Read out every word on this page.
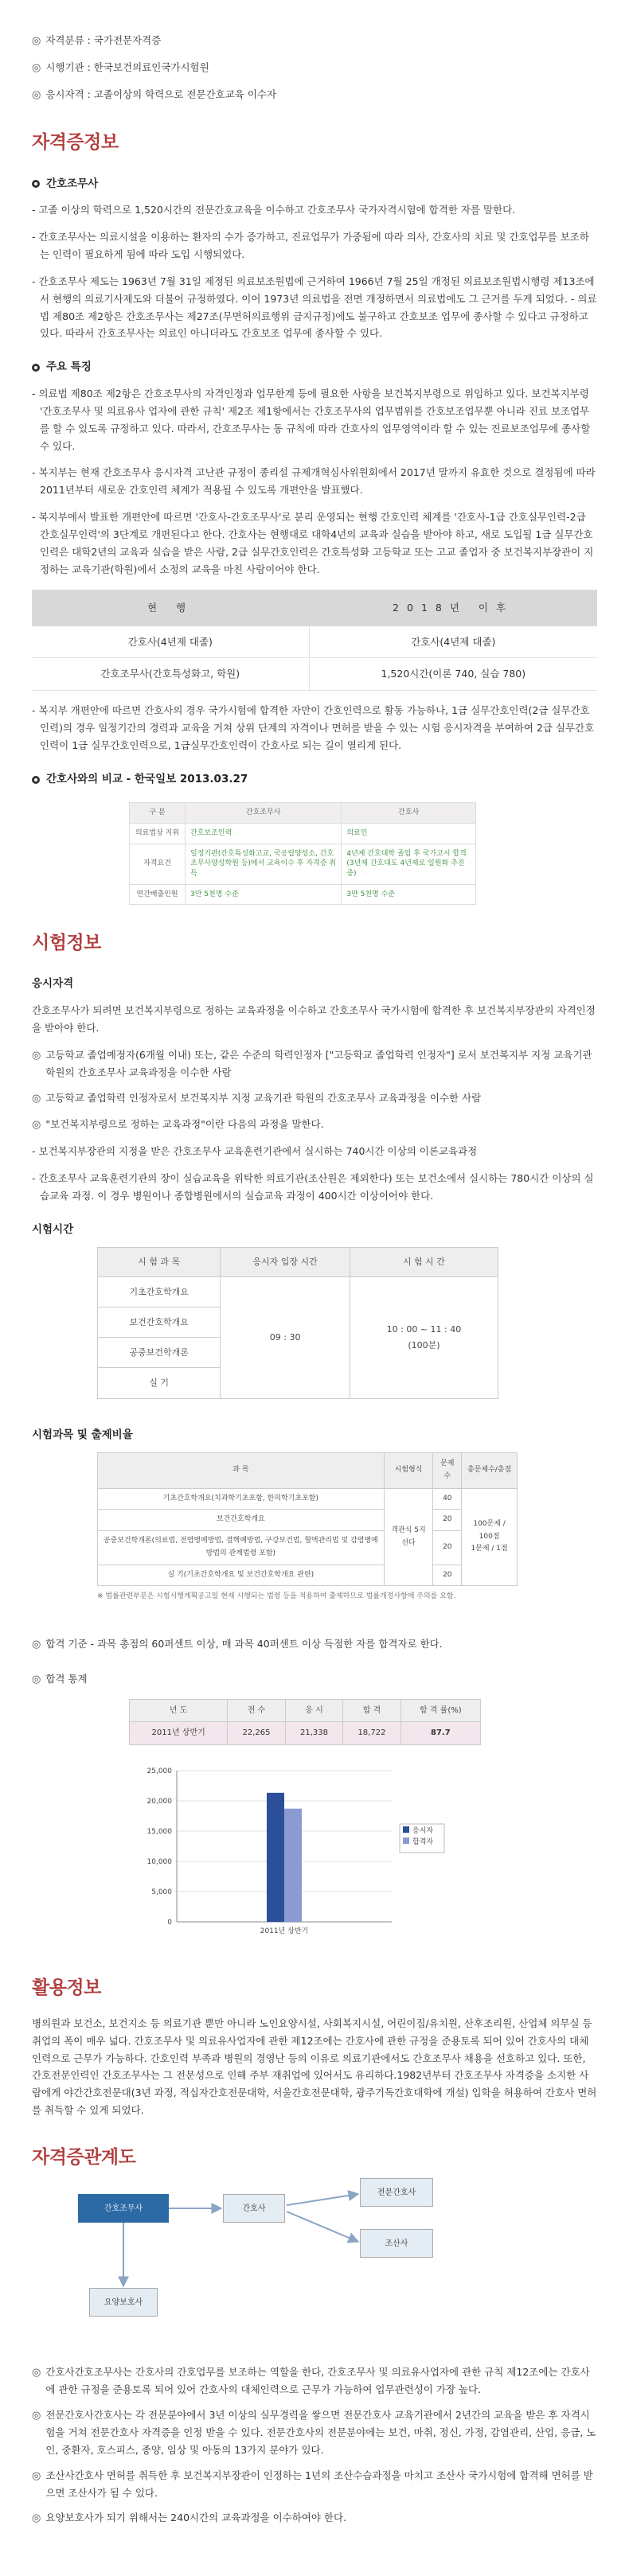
◎ 자격분류 : 국가전문자격증
◎ 시행기관 : 한국보건의료인국가시험원
◎ 응시자격 : 고졸이상의 학력으로 전문간호교육 이수자
자격증정보
간호조무사

- 고졸 이상의 학력으로 1,520시간의 전문간호교육을 이수하고 간호조무사 국가자격시험에 합격한 자를 말한다.

- 간호조무사는 의료시설을 이용하는 환자의 수가 증가하고, 진료업무가 가중됨에 따라 의사, 간호사의 치료 및 간호업무를 보조하는 인력이 필요하게 됨에 따라 도입 시행되었다.

- 간호조무사 제도는 1963년 7월 31일 제정된 의료보조원법에 근거하여 1966년 7월 25일 개정된 의료보조원법시행령 제13조에서 현행의 의료기사제도와 더불어 규정하였다. 이어 1973년 의료법을 전면 개정하면서 의료법에도 그 근거를 두게 되었다. - 의료법 제80조 제2항은 간호조무사는 제27조(무면허의료행위 금지규정)에도 불구하고 간호보조 업무에 종사할 수 있다고 규정하고 있다. 따라서 간호조무사는 의료인 아니더라도 간호보조 업무에 종사할 수 있다.

주요 특징

- 의료법 제80조 제2항은 간호조무사의 자격인정과 업무한계 등에 필요한 사항을 보건복지부령으로 위임하고 있다. 보건복지부령 '간호조무사 및 의료유사 업자에 관한 규칙' 제2조 제1항에서는 간호조무사의 업무범위를 간호보조업무뿐 아니라 진료 보조업무를 할 수 있도록 규정하고 있다. 따라서, 간호조무사는 동 규칙에 따라 간호사의 업무영역이라 할 수 있는 진료보조업무에 종사할 수 있다.

- 복지부는 현재 간호조무사 응시자격 고난관 규정이 종리설 규제개혁심사위원회에서 2017년 말까지 유효한 것으로 결정됨에 따라 2011년부터 새로운 간호인력 체계가 적용될 수 있도록 개편안을 발표했다.

- 복지부에서 발표한 개편안에 따르면 '간호사-간호조무사'로 분리 운영되는 현행 간호인력 체계를 '간호사-1급 간호실무인력-2급 간호실무인력'의 3단계로 개편된다고 한다. 간호사는 현행대로 대학4년의 교육과 실습을 받아야 하고, 새로 도입될 1급 실무간호인력은 대학2년의 교육과 실습을 받은 사람, 2급 실무간호인력은 간호특성화 고등학교 또는 고교 졸업자 중 보건복지부장관이 지정하는 교육기관(학원)에서 소정의 교육을 마친 사람이어야 한다.

현 행	2018년 이후
간호사(4년제 대졸)	간호사(4년제 대졸)
간호조무사(간호특성화고, 학원)	1,520시간(이론 740, 실습 780)

- 복지부 개편안에 따르면 간호사의 경우 국가시험에 합격한 자만이 간호인력으로 활동 가능하나, 1급 실무간호인력(2급 실무간호인력)의 경우 일정기간의 경력과 교육을 거쳐 상위 단계의 자격이나 면허를 받을 수 있는 시험 응시자격을 부여하여 2급 실무간호인력이 1급 실무간호인력으로, 1급실무간호인력이 간호사로 되는 길이 열리게 된다.

간호사와의 비교 - 한국일보 2013.03.27
구 분	간호조무사	간호사
의료법상 지위	간호보조인력	의료인
자격요건	일정기관(간호특성화고교, 국공립양성소, 간호조무사양성학원 등)에서 교육이수 후 자격증 취득	4년제 간호대학 졸업 후 국가고시 합격 (3년제 간호대도 4년제로 일원화 추진중)
연간배출인원	3만 5천명 수준	3만 5천명 수준
시험정보
응시자격

간호조무사가 되려면 보건복지부령으로 정하는 교육과정을 이수하고 간호조무사 국가시험에 합격한 후 보건복지부장관의 자격인정을 받아야 한다.

◎ 고등학교 졸업예정자(6개월 이내) 또는, 같은 수준의 학력인정자 ["고등학교 졸업학력 인정자"] 로서 보건복지부 지정 교육기관 학원의 간호조무사 교육과정을 이수한 사람
◎ 고등학교 졸업학력 인정자로서 보건복지부 지정 교육기관 학원의 간호조무사 교육과정을 이수한 사람
◎ "보건복지부령으로 정하는 교육과정"이란 다음의 과정을 말한다.

- 보건복지부장관의 지정을 받은 간호조무사 교육훈련기관에서 실시하는 740시간 이상의 이론교육과정

- 간호조무사 교육훈련기관의 장이 실습교육을 위탁한 의료기관(조산원은 제외한다) 또는 보건소에서 실시하는 780시간 이상의 실습교육 과정. 이 경우 병원이나 종합병원에서의 실습교육 과정이 400시간 이상이어야 한다.

시험시간
시 험 과 목	응시자 입장 시간	시 험 시 간
기초간호학개요	09 : 30	10 : 00 ~ 11 : 40
(100분)

보건간호학개요		
공중보건학개론		
실 기		
시험과목 및 출제비율
과 목	시험형식	문제수	총문제수/총점
기초간호학개요(치과학기초포함, 한의학기초포함)	객관식 5지선다	40	100문제 / 100점
1문제 / 1점

보건간호학개요		20	
공중보건학개론(의료법, 전염병예방법, 결핵예방법, 구강보건법, 혈액관리법 및 감염병예방법의 관계법령 포함)		20	
실 기(기초간호학개요 및 보건간호학개요 관련)		20	
※ 법률관련부분은 시험시행계획공고일 현재 시행되는 법령 등을 적용하여 출제하므로 법률개정사항에 주의를 요함.
◎ 합격 기준 - 과목 총점의 60퍼센트 이상, 매 과목 40퍼센트 이상 득점한 자를 합격자로 한다.
◎ 합격 통계
년 도	전 수	응 시	합 격	합 격 률(%)
2011년 상반기	22,265	21,338	18,722	87.7
0
5,000
10,000
15,000
20,000
25,000
2011년 상반기
응시자
합격자
활용정보

병의원과 보건소, 보건지소 등 의료기관 뿐만 아니라 노인요양시설, 사회복지시설, 어린이집/유치원, 산후조리원, 산업체 의무실 등 취업의 폭이 매우 넓다. 간호조무사 및 의료유사업자에 관한 제12조에는 간호사에 관한 규정을 준용토록 되어 있어 간호사의 대체인력으로 근무가 가능하다. 간호인력 부족과 병원의 경영난 등의 이유로 의료기관에서도 간호조무사 채용을 선호하고 있다. 또한, 간호전문인력인 간호조무사는 그 전문성으로 인해 주부 재취업에 있어서도 유리하다.1982년부터 간호조무사 자격증을 소지한 사람에게 야간간호전문대(3년 과정, 적십자간호전문대학, 서울간호전문대학, 광주기독간호대학에 개설) 입학을 허용하여 간호사 면허를 취득할 수 있게 되었다.

자격증관계도
간호조무사	간호사
전문간호사
조산사
요양보호사
◎ 간호사간호조무사는 간호사의 간호업무를 보조하는 역할을 한다, 간호조무사 및 의료유사업자에 관한 규칙 제12조에는 간호사에 관한 규정을 준용토록 되어 있어 간호사의 대체인력으로 근무가 가능하여 업무관련성이 가장 높다.
◎ 전문간호사간호사는 각 전문분야에서 3년 이상의 실무경력을 쌓으면 전문간호사 교육기관에서 2년간의 교육을 받은 후 자격시험을 거쳐 전문간호사 자격증을 인정 받을 수 있다. 전문간호사의 전문분야에는 보건, 마취, 정신, 가정, 감염관리, 산업, 응급, 노인, 중환자, 호스피스, 종양, 임상 및 아동의 13가지 분야가 있다.
◎ 조산사간호사 면허를 취득한 후 보건복지부장관이 인정하는 1년의 조산수습과정을 마치고 조산사 국가시험에 합격해 면허를 받으면 조산사가 될 수 있다.
◎ 요양보호사가 되기 위해서는 240시간의 교육과정을 이수하여야 한다.
